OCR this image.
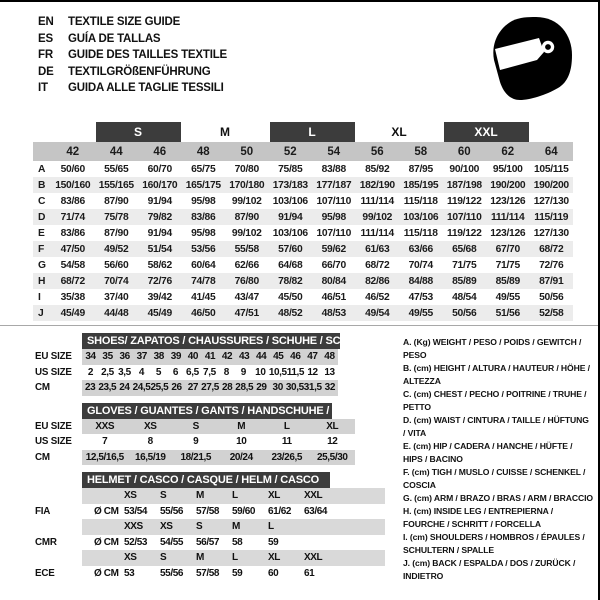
EN	TEXTILE SIZE GUIDE
ES	GUÍA DE TALLAS
FR	GUIDE DES TAILLES TEXTILE
DE	TEXTILGRÖßENFÜHRUNG
IT	GUIDA ALLE TAGLIE TESSILI
S	M	L	XL	XXL
42	44	46	48	50	52	54	56	58	60	62	64
A	50/60	55/65	60/70	65/75	70/80	75/85	83/88	85/92	87/95	90/100	95/100	105/115
B 150/160 155/165 160/170 165/175 170/180 173/183 177/187 182/190 185/195 187/198 190/200 190/200
C	83/86	87/90	91/94	95/98	99/102	103/106 107/110 111/114 115/118 119/122 123/126 127/130
D	71/74	75/78	79/82	83/86	87/90	91/94	95/98	99/102	103/106 107/110 111/114 115/119
E	83/86	87/90	91/94	95/98	99/102	103/106 107/110 111/114 115/118 119/122 123/126 127/130
F	47/50	49/52	51/54	53/56	55/58	57/60	59/62	61/63	63/66	65/68	67/70	68/72
G	54/58	56/60	58/62	60/64	62/66	64/68	66/70	68/72	70/74	71/75	71/75	72/76
H	68/72	70/74	72/76	74/78	76/80	78/82	80/84	82/86	84/88	85/89	85/89	87/91
I	35/38	37/40	39/42	41/45	43/47	45/50	46/51	46/52	47/53	48/54	49/55	50/56
J	45/49	44/48	45/49	46/50	47/51	48/52	48/53	49/54	49/55	50/56	51/56	52/58
SHOES/ ZAPATOS / CHAUSSURES / SCHUHE / SCARPE
EU SIZE	34 35 36 37 38 39 40 41 42 43 44 45 46 47 48
US SIZE	2 2,5 3,5 4	5	6 6,5 7,5 8	9 10 10,5 11,5 12 13
CM	23 23,5 24 24,5 25,5 26 27 27,5 28 28,5 29 30 30,5 31,5 32
GLOVES / GUANTES / GANTS / HANDSCHUHE / GUANTI
EU SIZE	XXS	XS	S	M	L	XL
US SIZE	7	8	9	10	11	12
CM	12,5/16,5	16,5/19	18/21,5	20/24	23/26,5	25,5/30
HELMET / CASCO / CASQUE / HELM / CASCO
XS	S	M	L	XL	XXL
FIA	Ø CM 53/54	55/56	57/58	59/60	61/62	63/64
XXS	XS	S	M	L
CMR	Ø CM 52/53	54/55	56/57	58	59
XS	S	M	L	XL	XXL
ECE	Ø CM 53	55/56	57/58	59	60	61
A. (Kg) WEIGHT / PESO / POIDS / GEWITCH / PESO
B. (cm) HEIGHT / ALTURA / HAUTEUR / HÖHE / ALTEZZA
C. (cm) CHEST / PECHO / POITRINE / TRUHE / PETTO
D. (cm) WAIST / CINTURA / TAILLE / HÜFTUNG / VITA
E. (cm) HIP / CADERA / HANCHE / HÜFTE / HIPS / BACINO
F. (cm) TIGH / MUSLO / CUISSE / SCHENKEL / COSCIA
G. (cm) ARM / BRAZO / BRAS / ARM / BRACCIO
H. (cm) INSIDE LEG / ENTREPIERNA / FOURCHE / SCHRITT / FORCELLA
I. (cm) SHOULDERS / HOMBROS / ÉPAULES / SCHULTERN / SPALLE
J. (cm) BACK / ESPALDA / DOS / ZURÜCK / INDIETRO
